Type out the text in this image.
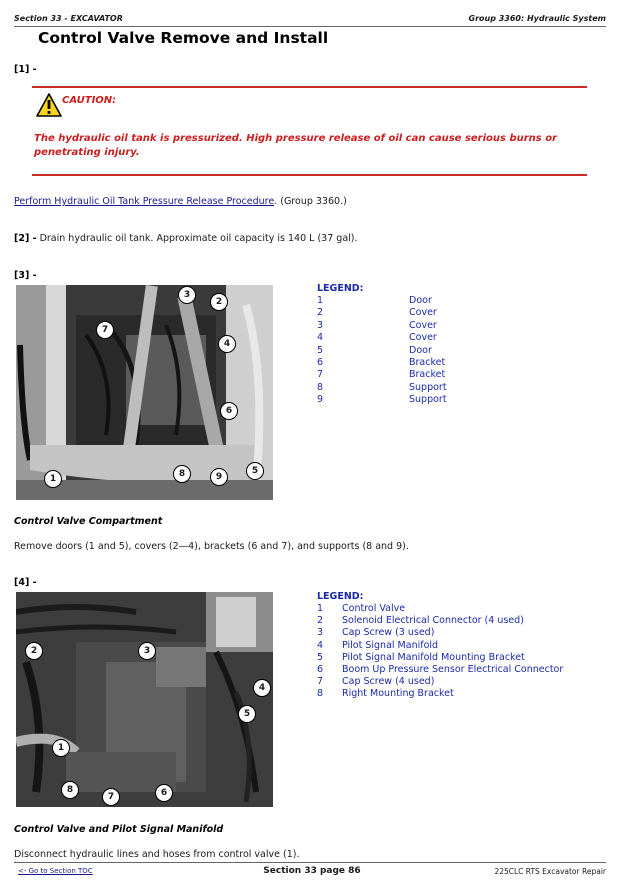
Section 33 - EXCAVATOR	Group 3360: Hydraulic System
Control Valve Remove and Install
[1] -
CAUTION:
The hydraulic oil tank is pressurized. High pressure release of oil can cause serious burns or penetrating injury.
Perform Hydraulic Oil Tank Pressure Release Procedure. (Group 3360.)
[2] - Drain hydraulic oil tank. Approximate oil capacity is 140 L (37 gal).
[3] -
1
2
3
4
5
6
7
8	9
LEGEND:
1	Door
2	Cover
3	Cover
4	Cover
5	Door
6	Bracket
7	Bracket
8	Support
9	Support
Control Valve Compartment
Remove doors (1 and 5), covers (2—4), brackets (6 and 7), and supports (8 and 9).
[4] -
1
2	3
4
5
6
7
8
LEGEND:
1 Control Valve
2 Solenoid Electrical Connector (4 used)
3 Cap Screw (3 used)
4 Pilot Signal Manifold
5 Pilot Signal Manifold Mounting Bracket
6 Boom Up Pressure Sensor Electrical Connector
7 Cap Screw (4 used)
8 Right Mounting Bracket
Control Valve and Pilot Signal Manifold
Disconnect hydraulic lines and hoses from control valve (1).
<- Go to Section TOC	Section 33 page 86	225CLC RTS Excavator Repair
